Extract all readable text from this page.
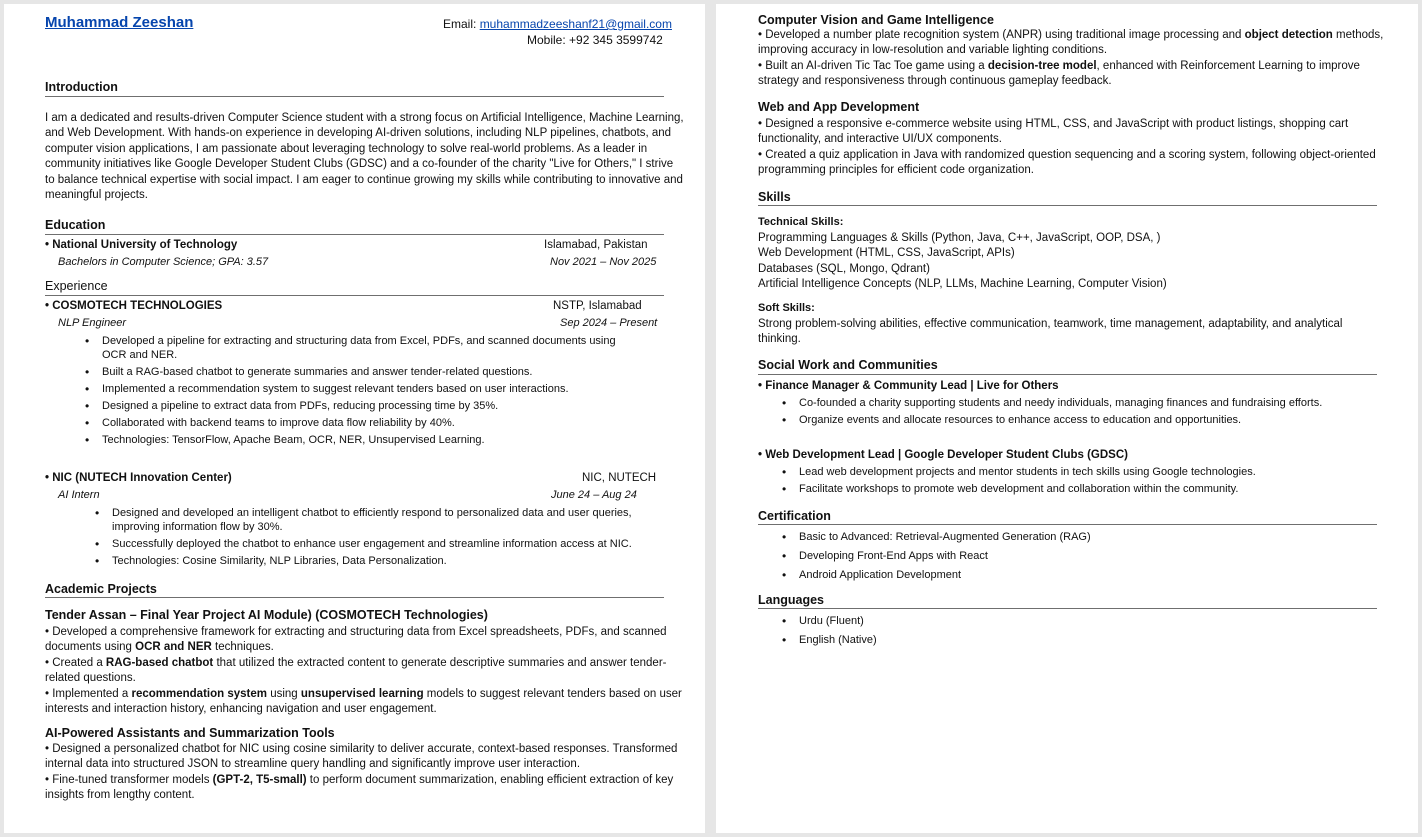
Muhammad Zeeshan	Email: muhammadzeeshanf21@gmail.com
Mobile: +92 345 3599742
Introduction
I am a dedicated and results-driven Computer Science student with a strong focus on Artificial Intelligence, Machine Learning, and Web Development. With hands-on experience in developing AI-driven solutions, including NLP pipelines, chatbots, and computer vision applications, I am passionate about leveraging technology to solve real-world problems. As a leader in community initiatives like Google Developer Student Clubs (GDSC) and a co-founder of the charity "Live for Others," I strive to balance technical expertise with social impact. I am eager to continue growing my skills while contributing to innovative and meaningful projects.
Education
• National University of Technology	Islamabad, Pakistan
Bachelors in Computer Science; GPA: 3.57	Nov 2021 – Nov 2025
Experience
• COSMOTECH TECHNOLOGIES	NSTP, Islamabad
NLP Engineer	Sep 2024 – Present
• Developed a pipeline for extracting and structuring data from Excel, PDFs, and scanned documents using OCR and NER.
• Built a RAG-based chatbot to generate summaries and answer tender-related questions.
• Implemented a recommendation system to suggest relevant tenders based on user interactions.
• Designed a pipeline to extract data from PDFs, reducing processing time by 35%.
• Collaborated with backend teams to improve data flow reliability by 40%.
• Technologies: TensorFlow, Apache Beam, OCR, NER, Unsupervised Learning.
• NIC (NUTECH Innovation Center)	NIC, NUTECH
AI Intern	June 24 – Aug 24
• Designed and developed an intelligent chatbot to efficiently respond to personalized data and user queries, improving information flow by 30%.
• Successfully deployed the chatbot to enhance user engagement and streamline information access at NIC.
• Technologies: Cosine Similarity, NLP Libraries, Data Personalization.
Academic Projects
Tender Assan – Final Year Project AI Module) (COSMOTECH Technologies)
• Developed a comprehensive framework for extracting and structuring data from Excel spreadsheets, PDFs, and scanned documents using OCR and NER techniques.
• Created a RAG-based chatbot that utilized the extracted content to generate descriptive summaries and answer tender-related questions.
• Implemented a recommendation system using unsupervised learning models to suggest relevant tenders based on user interests and interaction history, enhancing navigation and user engagement.
AI-Powered Assistants and Summarization Tools
• Designed a personalized chatbot for NIC using cosine similarity to deliver accurate, context-based responses. Transformed internal data into structured JSON to streamline query handling and significantly improve user interaction.
• Fine-tuned transformer models (GPT-2, T5-small) to perform document summarization, enabling efficient extraction of key insights from lengthy content.
Computer Vision and Game Intelligence
• Developed a number plate recognition system (ANPR) using traditional image processing and object detection methods, improving accuracy in low-resolution and variable lighting conditions.
• Built an AI-driven Tic Tac Toe game using a decision-tree model, enhanced with Reinforcement Learning to improve strategy and responsiveness through continuous gameplay feedback.
Web and App Development
• Designed a responsive e-commerce website using HTML, CSS, and JavaScript with product listings, shopping cart functionality, and interactive UI/UX components.
• Created a quiz application in Java with randomized question sequencing and a scoring system, following object-oriented programming principles for efficient code organization.
Skills
Technical Skills:
Programming Languages & Skills (Python, Java, C++, JavaScript, OOP, DSA, )
Web Development (HTML, CSS, JavaScript, APIs)
Databases (SQL, Mongo, Qdrant)
Artificial Intelligence Concepts (NLP, LLMs, Machine Learning, Computer Vision)
Soft Skills:
Strong problem-solving abilities, effective communication, teamwork, time management, adaptability, and analytical thinking.
Social Work and Communities
• Finance Manager & Community Lead | Live for Others
• Co-founded a charity supporting students and needy individuals, managing finances and fundraising efforts.
• Organize events and allocate resources to enhance access to education and opportunities.
• Web Development Lead | Google Developer Student Clubs (GDSC)
• Lead web development projects and mentor students in tech skills using Google technologies.
• Facilitate workshops to promote web development and collaboration within the community.
Certification
• Basic to Advanced: Retrieval-Augmented Generation (RAG)
• Developing Front-End Apps with React
• Android Application Development
Languages
• Urdu (Fluent)
• English (Native)
